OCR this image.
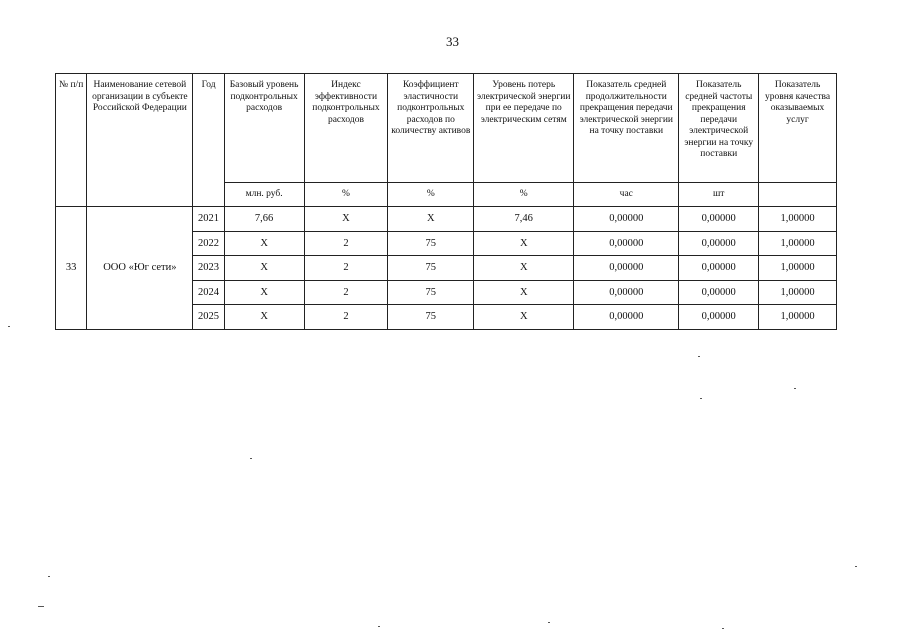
33
№ п/п	Наименование сетевой организации в субъекте Российской Федерации	Год	Базовый уровень подконтрольных расходов	Индекс эффективности подконтрольных расходов	Коэффициент эластичности подконтрольных расходов по количеству активов	Уровень потерь электрической энергии при ее передаче по электрическим сетям	Показатель средней продолжительности прекращения передачи электрической энергии на точку поставки	Показатель средней частоты прекращения передачи электрической энергии на точку поставки	Показатель уровня качества оказываемых услуг
			млн. руб.	%	%	%	час	шт	
33	ООО «Юг сети»	2021	7,66	Х	Х	7,46	0,00000	0,00000	1,00000
		2022	Х	2	75	Х	0,00000	0,00000	1,00000
		2023	Х	2	75	Х	0,00000	0,00000	1,00000
		2024	Х	2	75	Х	0,00000	0,00000	1,00000
		2025	Х	2	75	Х	0,00000	0,00000	1,00000
